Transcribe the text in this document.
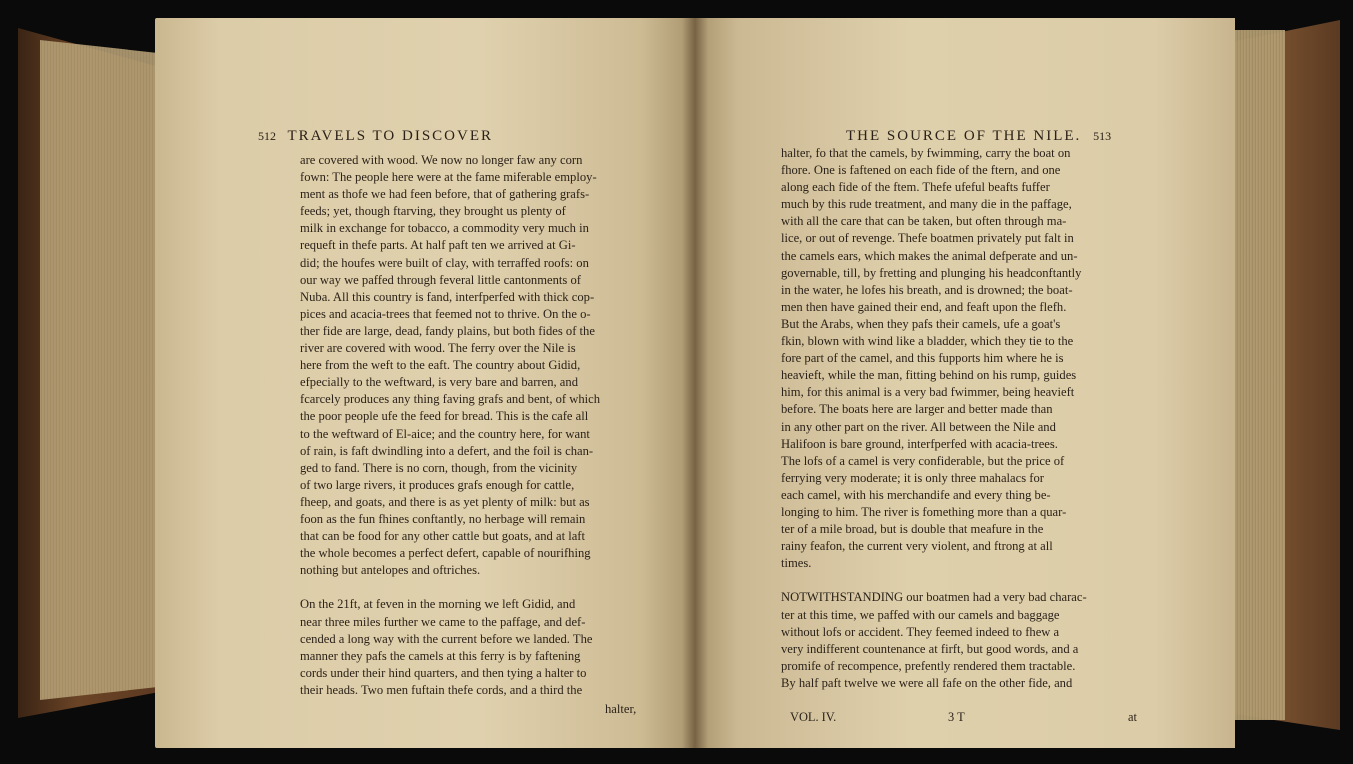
512 TRAVELS TO DISCOVER	THE SOURCE OF THE NILE. 513

are covered with wood. We now no longer faw any corn

fown: The people here were at the fame miferable employ-

ment as thofe we had feen before, that of gathering grafs-

feeds; yet, though ftarving, they brought us plenty of

milk in exchange for tobacco, a commodity very much in

requeft in thefe parts. At half paft ten we arrived at Gi-

did; the houfes were built of clay, with terraffed roofs: on

our way we paffed through feveral little cantonments of

Nuba. All this country is fand, interfperfed with thick cop-

pices and acacia-trees that feemed not to thrive. On the o-

ther fide are large, dead, fandy plains, but both fides of the

river are covered with wood. The ferry over the Nile is

here from the weft to the eaft. The country about Gidid,

efpecially to the weftward, is very bare and barren, and

fcarcely produces any thing faving grafs and bent, of which

the poor people ufe the feed for bread. This is the cafe all

to the weftward of El-aice; and the country here, for want

of rain, is faft dwindling into a defert, and the foil is chan-

ged to fand. There is no corn, though, from the vicinity

of two large rivers, it produces grafs enough for cattle,

fheep, and goats, and there is as yet plenty of milk: but as

foon as the fun fhines conftantly, no herbage will remain

that can be food for any other cattle but goats, and at laft

the whole becomes a perfect defert, capable of nourifhing

nothing but antelopes and oftriches.

On the 21ft, at feven in the morning we left Gidid, and

near three miles further we came to the paffage, and def-

cended a long way with the current before we landed. The

manner they pafs the camels at this ferry is by faftening

cords under their hind quarters, and then tying a halter to

their heads. Two men fuftain thefe cords, and a third the

halter,

halter, fo that the camels, by fwimming, carry the boat on

fhore. One is faftened on each fide of the ftern, and one

along each fide of the ftem. Thefe ufeful beafts fuffer

much by this rude treatment, and many die in the paffage,

with all the care that can be taken, but often through ma-

lice, or out of revenge. Thefe boatmen privately put falt in

the camels ears, which makes the animal defperate and un-

governable, till, by fretting and plunging his headconftantly

in the water, he lofes his breath, and is drowned; the boat-

men then have gained their end, and feaft upon the flefh.

But the Arabs, when they pafs their camels, ufe a goat's

fkin, blown with wind like a bladder, which they tie to the

fore part of the camel, and this fupports him where he is

heavieft, while the man, fitting behind on his rump, guides

him, for this animal is a very bad fwimmer, being heavieft

before. The boats here are larger and better made than

in any other part on the river. All between the Nile and

Halifoon is bare ground, interfperfed with acacia-trees.

The lofs of a camel is very confiderable, but the price of

ferrying very moderate; it is only three mahalacs for

each camel, with his merchandife and every thing be-

longing to him. The river is fomething more than a quar-

ter of a mile broad, but is double that meafure in the

rainy feafon, the current very violent, and ftrong at all

times.

NOTWITHSTANDING our boatmen had a very bad charac-

ter at this time, we paffed with our camels and baggage

without lofs or accident. They feemed indeed to fhew a

very indifferent countenance at firft, but good words, and a

promife of recompence, prefently rendered them tractable.

By half paft twelve we were all fafe on the other fide, and

VOL. IV.	3 T	at
